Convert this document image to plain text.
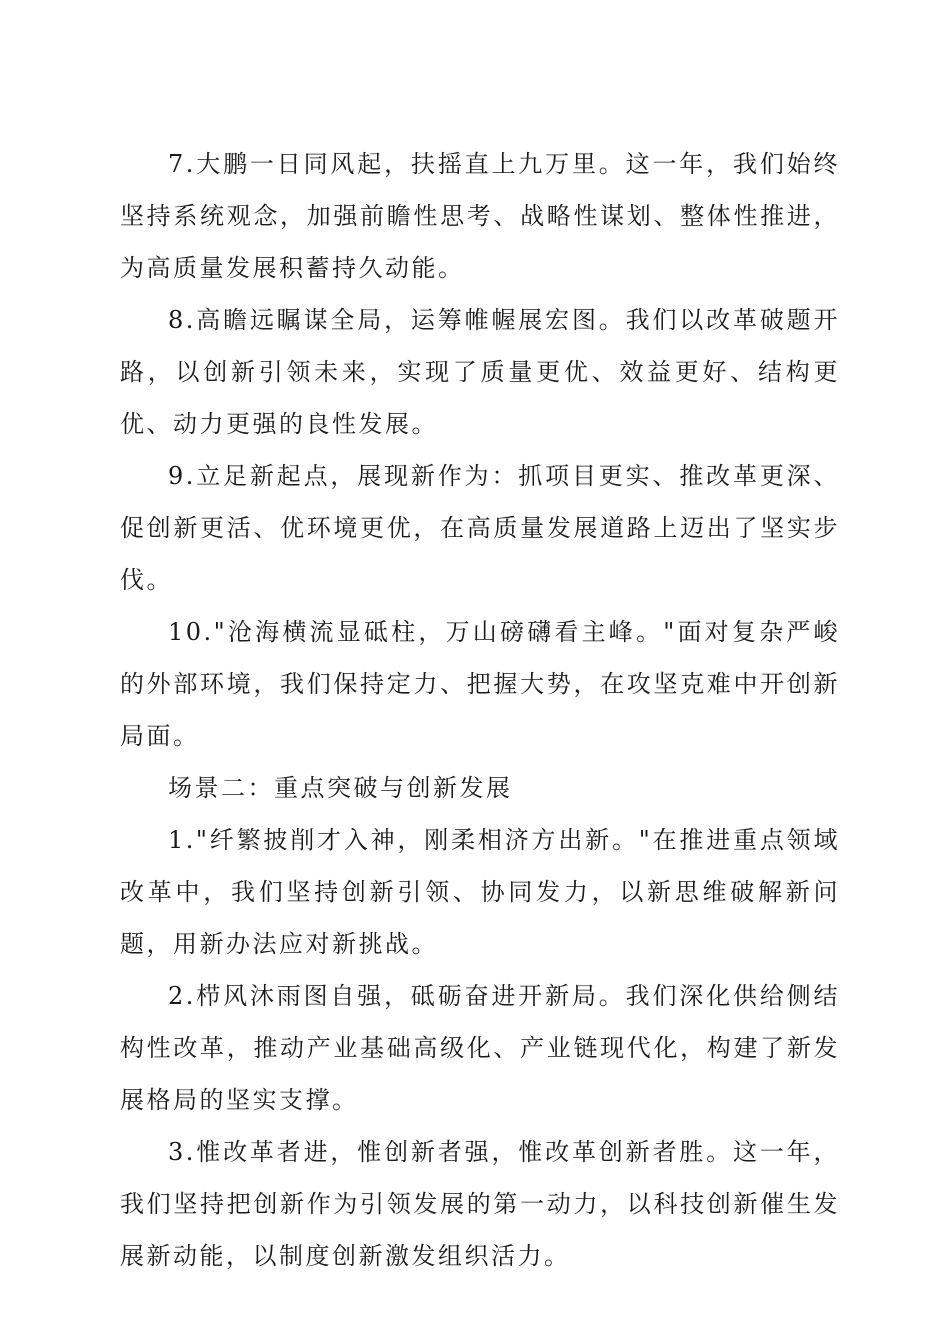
7.大鹏一日同风起，扶摇直上九万里。这一年，我们始终坚持系统观念，加强前瞻性思考、战略性谋划、整体性推进，为高质量发展积蓄持久动能。

8.高瞻远瞩谋全局，运筹帷幄展宏图。我们以改革破题开路，以创新引领未来，实现了质量更优、效益更好、结构更优、动力更强的良性发展。

9.立足新起点，展现新作为：抓项目更实、推改革更深、促创新更活、优环境更优，在高质量发展道路上迈出了坚实步伐。

10."沧海横流显砥柱，万山磅礴看主峰。"面对复杂严峻的外部环境，我们保持定力、把握大势，在攻坚克难中开创新局面。

场景二：重点突破与创新发展

1."纤繁披削才入神，刚柔相济方出新。"在推进重点领域改革中，我们坚持创新引领、协同发力，以新思维破解新问题，用新办法应对新挑战。

2.栉风沐雨图自强，砥砺奋进开新局。我们深化供给侧结构性改革，推动产业基础高级化、产业链现代化，构建了新发展格局的坚实支撑。

3.惟改革者进，惟创新者强，惟改革创新者胜。这一年，我们坚持把创新作为引领发展的第一动力，以科技创新催生发展新动能，以制度创新激发组织活力。
